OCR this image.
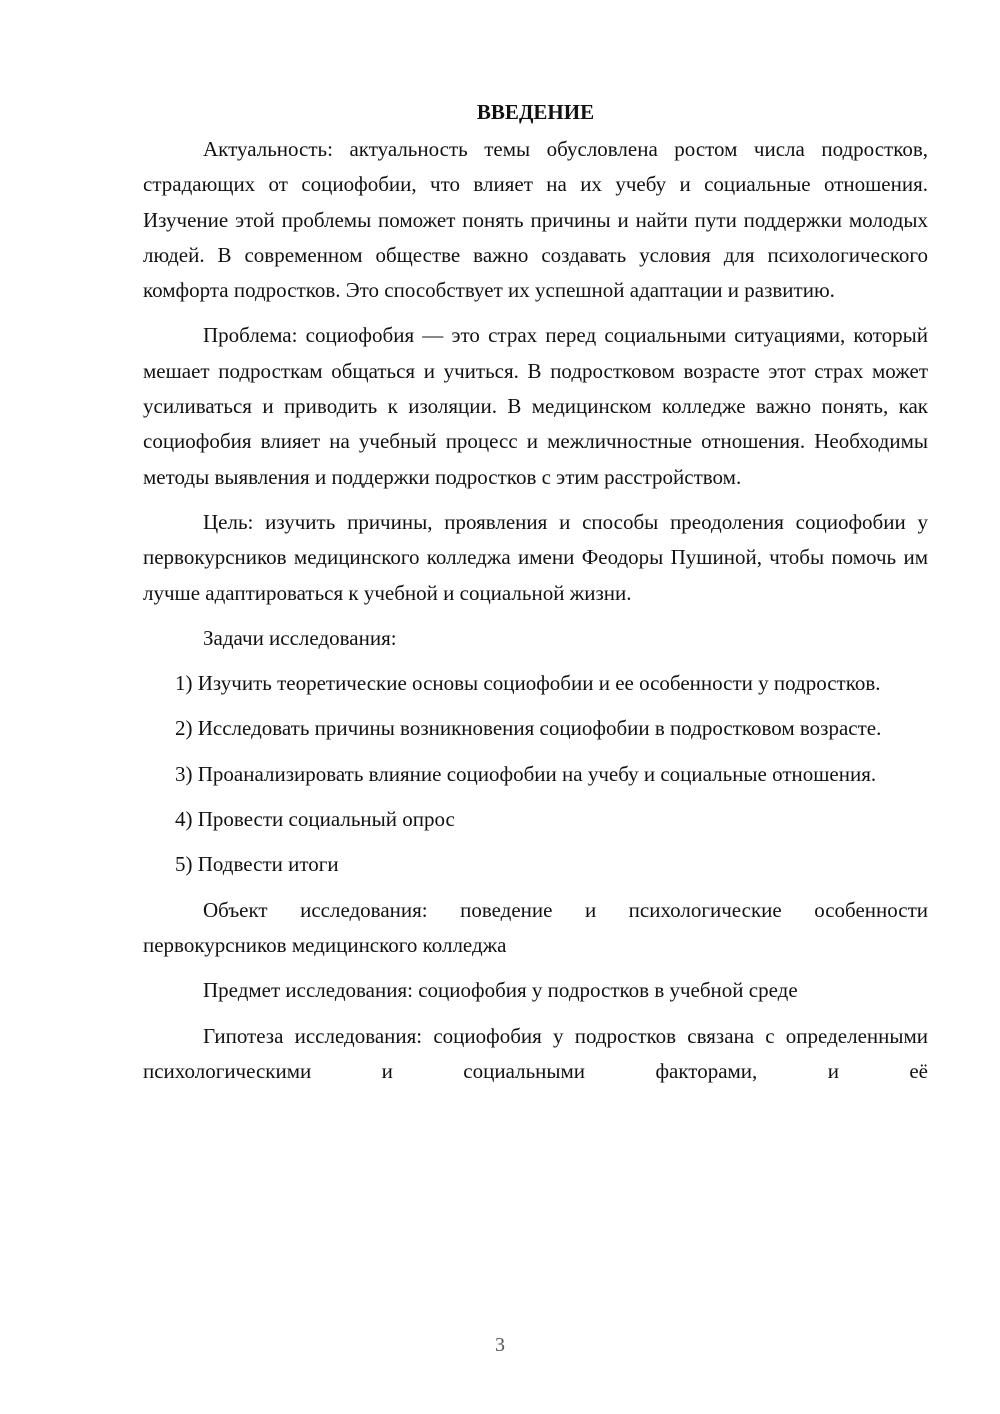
ВВЕДЕНИЕ

Актуальность: актуальность темы обусловлена ростом числа подростков, страдающих от социофобии, что влияет на их учебу и социальные отношения. Изучение этой проблемы поможет понять причины и найти пути поддержки молодых людей. В современном обществе важно создавать условия для психологического комфорта подростков. Это способствует их успешной адаптации и развитию.

Проблема: социофобия — это страх перед социальными ситуациями, который мешает подросткам общаться и учиться. В подростковом возрасте этот страх может усиливаться и приводить к изоляции. В медицинском колледже важно понять, как социофобия влияет на учебный процесс и межличностные отношения. Необходимы методы выявления и поддержки подростков с этим расстройством.

Цель: изучить причины, проявления и способы преодоления социофобии у первокурсников медицинского колледжа имени Феодоры Пушиной, чтобы помочь им лучше адаптироваться к учебной и социальной жизни.

Задачи исследования:

1) Изучить теоретические основы социофобии и ее особенности у подростков.

2) Исследовать причины возникновения социофобии в подростковом возрасте.

3) Проанализировать влияние социофобии на учебу и социальные отношения.

4) Провести социальный опрос

5) Подвести итоги

Объект исследования: поведение и психологические особенности первокурсников медицинского колледжа

Предмет исследования: социофобия у подростков в учебной среде

Гипотеза исследования: социофобия у подростков связана с определенными психологическими и социальными факторами, и её

3
